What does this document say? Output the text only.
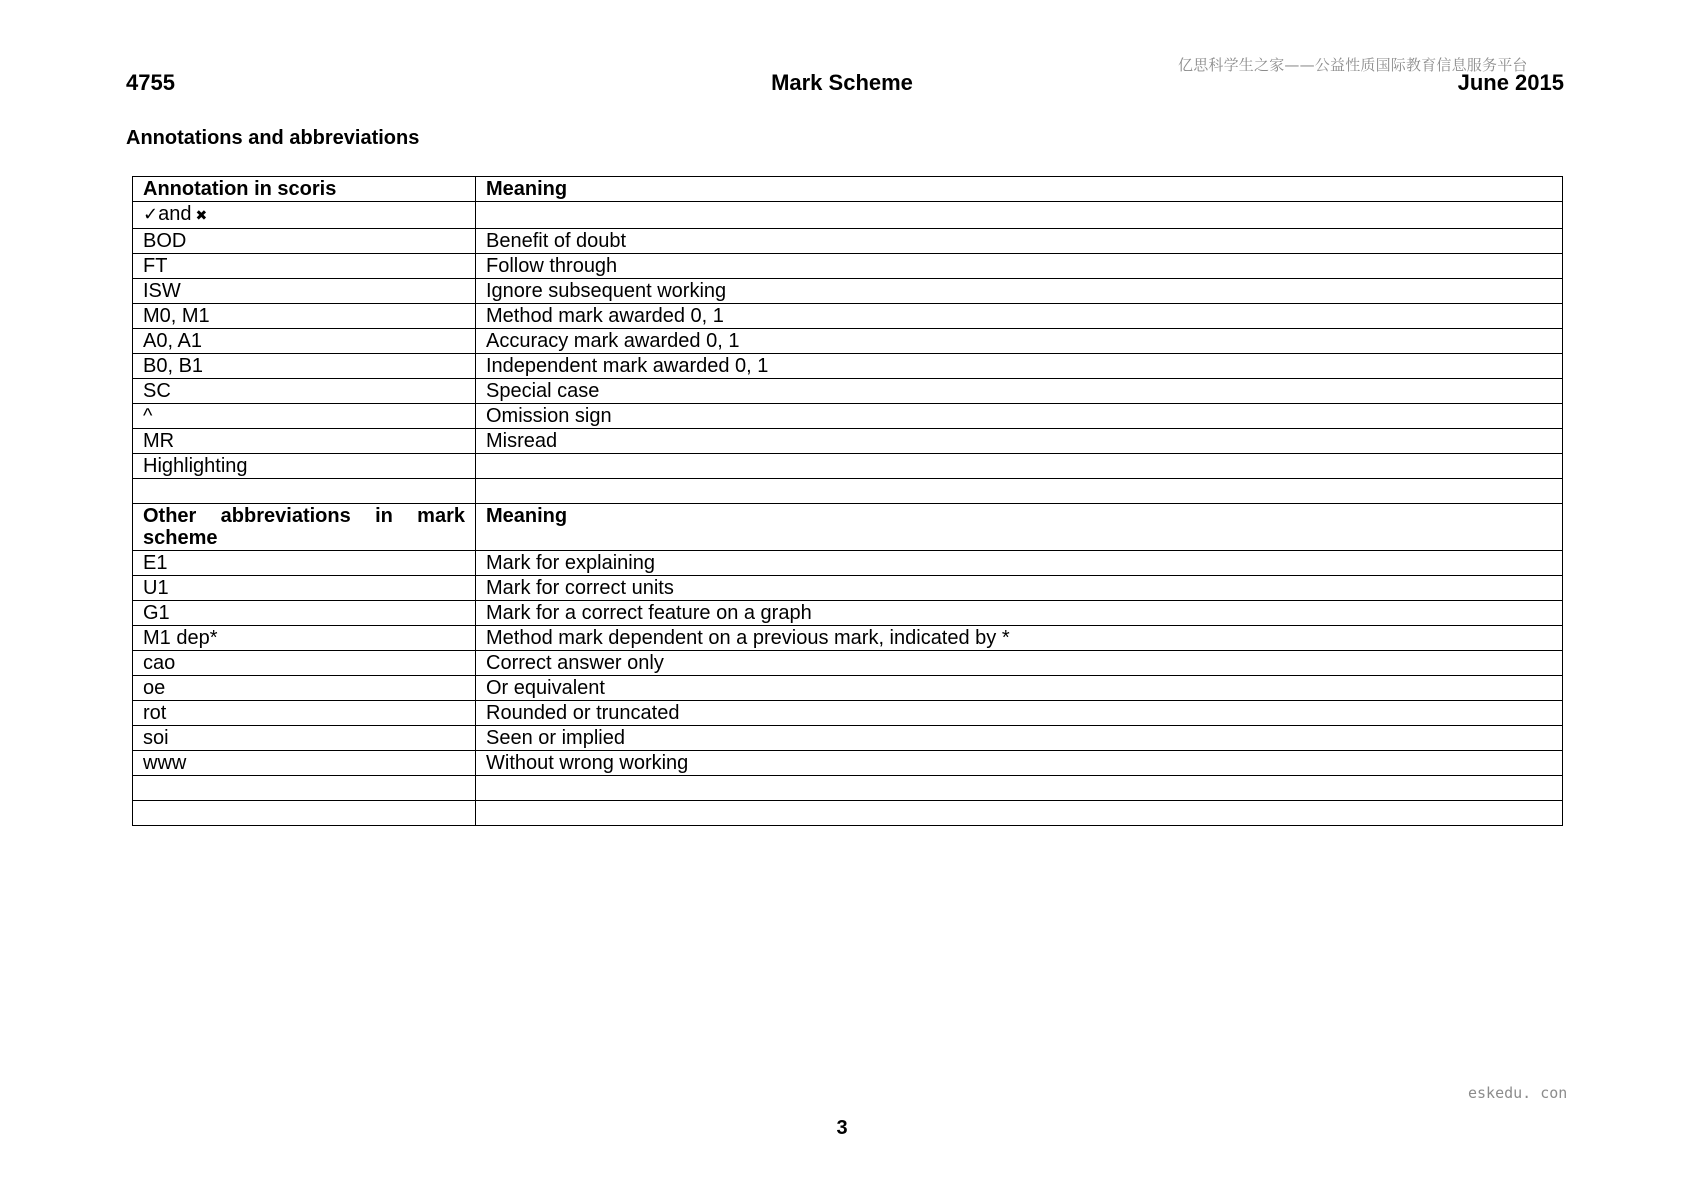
亿思科学生之家——公益性质国际教育信息服务平台
4755	Mark Scheme	June 2015
Annotations and abbreviations
Annotation in scoris	Meaning
✓and ✖	
BOD	Benefit of doubt
FT	Follow through
ISW	Ignore subsequent working
M0, M1	Method mark awarded 0, 1
A0, A1	Accuracy mark awarded 0, 1
B0, B1	Independent mark awarded 0, 1
SC	Special case
^	Omission sign
MR	Misread
Highlighting	

Other abbreviations in mark scheme	Meaning
E1	Mark for explaining
U1	Mark for correct units
G1	Mark for a correct feature on a graph
M1 dep*	Method mark dependent on a previous mark, indicated by *
cao	Correct answer only
oe	Or equivalent
rot	Rounded or truncated
soi	Seen or implied
www	Without wrong working

eskedu. con
3
